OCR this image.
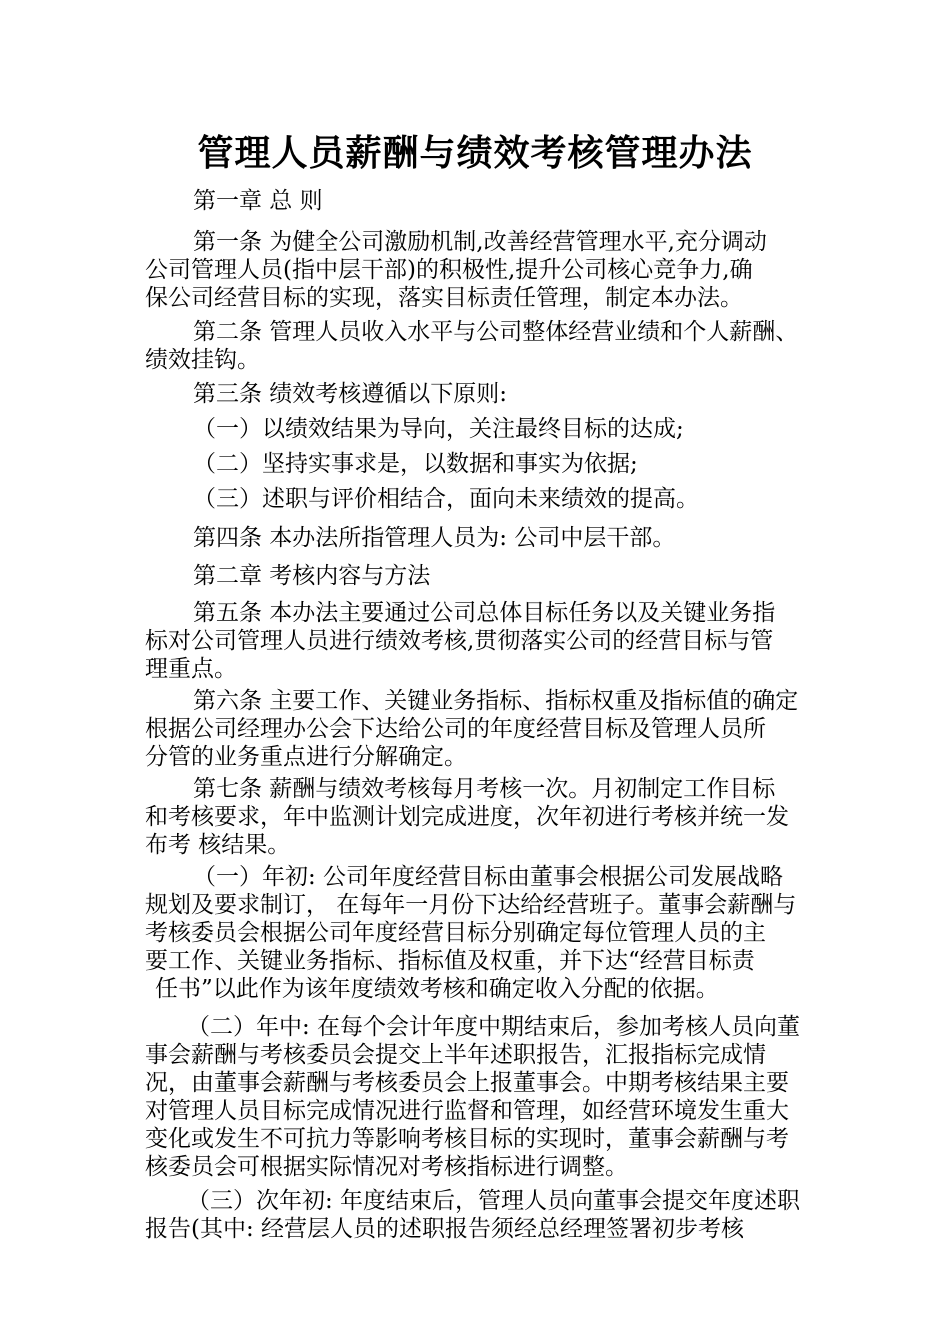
管理人员薪酬与绩效考核管理办法
第一章 总 则
第一条 为健全公司激励机制,改善经营管理水平,充分调动
公司管理人员(指中层干部)的积极性,提升公司核心竞争力,确
保公司经营目标的实现，落实目标责任管理，制定本办法。
第二条 管理人员收入水平与公司整体经营业绩和个人薪酬、
绩效挂钩。
第三条 绩效考核遵循以下原则:
（一）以绩效结果为导向，关注最终目标的达成;
（二）坚持实事求是，以数据和事实为依据;
（三）述职与评价相结合，面向未来绩效的提高。
第四条 本办法所指管理人员为: 公司中层干部。
第二章 考核内容与方法
第五条 本办法主要通过公司总体目标任务以及关键业务指
标对公司管理人员进行绩效考核,贯彻落实公司的经营目标与管
理重点。
第六条 主要工作、关键业务指标、指标权重及指标值的确定
根据公司经理办公会下达给公司的年度经营目标及管理人员所
分管的业务重点进行分解确定。
第七条 薪酬与绩效考核每月考核一次。月初制定工作目标
和考核要求，年中监测计划完成进度，次年初进行考核并统一发
布考 核结果。
（一）年初: 公司年度经营目标由董事会根据公司发展战略
规划及要求制订， 在每年一月份下达给经营班子。董事会薪酬与
考核委员会根据公司年度经营目标分别确定每位管理人员的主
要工作、关键业务指标、指标值及权重，并下达“经营目标责
任书”以此作为该年度绩效考核和确定收入分配的依据。
（二）年中: 在每个会计年度中期结束后，参加考核人员向董
事会薪酬与考核委员会提交上半年述职报告，汇报指标完成情
况，由董事会薪酬与考核委员会上报董事会。中期考核结果主要
对管理人员目标完成情况进行监督和管理，如经营环境发生重大
变化或发生不可抗力等影响考核目标的实现时，董事会薪酬与考
核委员会可根据实际情况对考核指标进行调整。
（三）次年初: 年度结束后，管理人员向董事会提交年度述职
报告(其中: 经营层人员的述职报告须经总经理签署初步考核
